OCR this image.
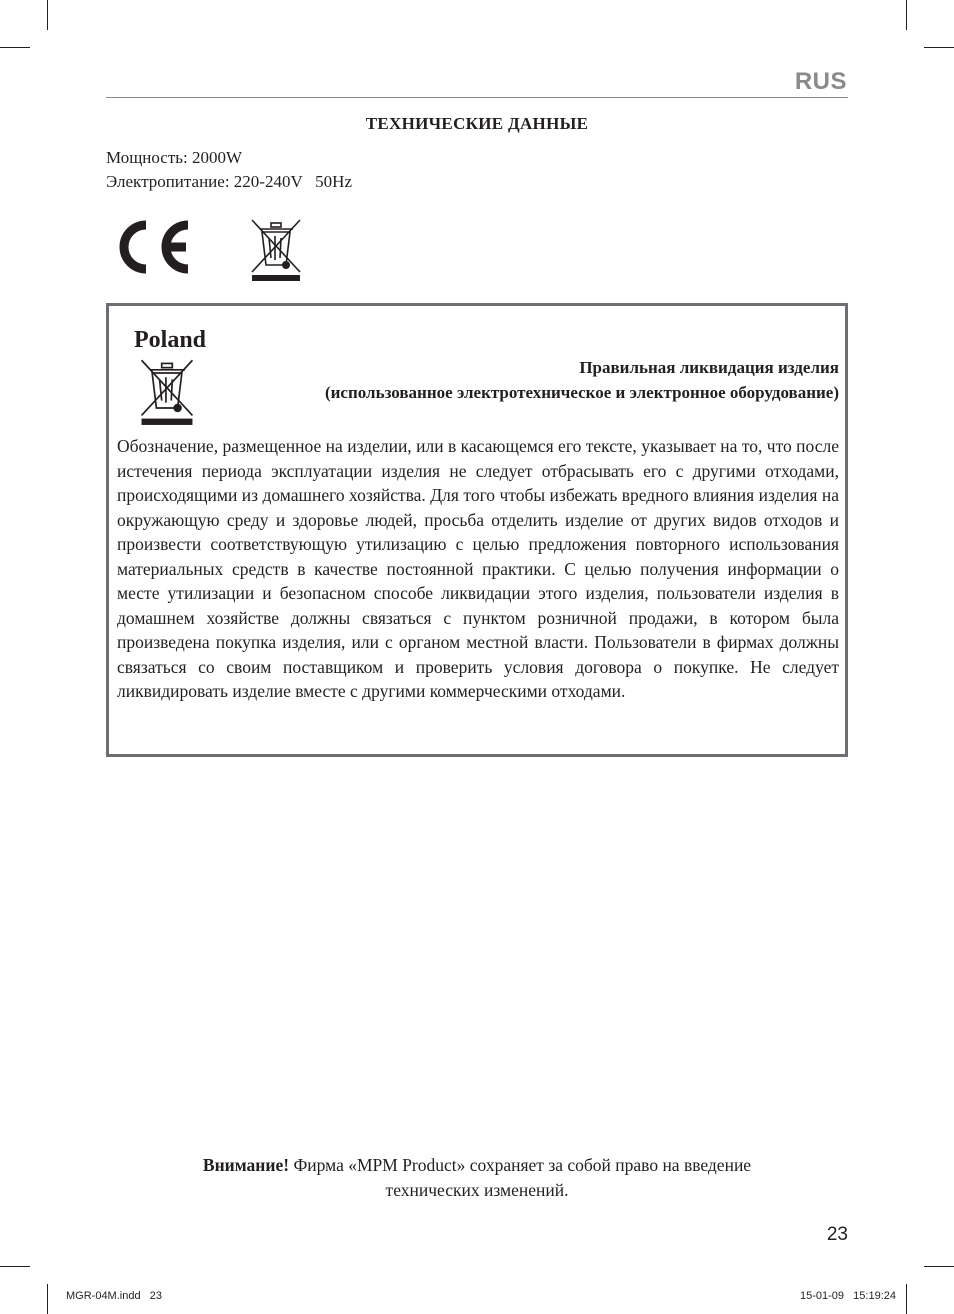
RUS
ТЕХНИЧЕСКИЕ ДАННЫЕ
Мощность: 2000W
Электропитание: 220-240V   50Hz
Poland
Правильная ликвидация изделия
(использованное электротехническое и электронное оборудование)
Обозначение, размещенное на изделии, или в касающемся его тексте, указывает на то, что после истечения периода эксплуатации изделия не следует отбрасывать его с другими отходами, происходящими из домашнего хозяйства. Для того чтобы избежать вредного влияния изделия на окружающую среду и здоровье людей, просьба отделить изделие от других видов отходов и произвести соответствующую утилизацию с целью предложения повторного использования материальных средств в качестве постоянной практики. С целью получения информации о месте утилизации и безопасном способе ликвидации этого изделия, пользователи изделия в домашнем хозяйстве должны связаться с пунктом розничной продажи, в котором была произведена покупка изделия, или с органом местной власти. Пользователи в фирмах должны связаться со своим поставщиком и проверить условия договора о покупке. Не следует ликвидировать изделие вместе с другими коммерческими отходами.
Внимание! Фирма «MPM Product» сохраняет за собой право на введение
технических изменений.
23
MGR-04M.indd   23	15-01-09   15:19:24
